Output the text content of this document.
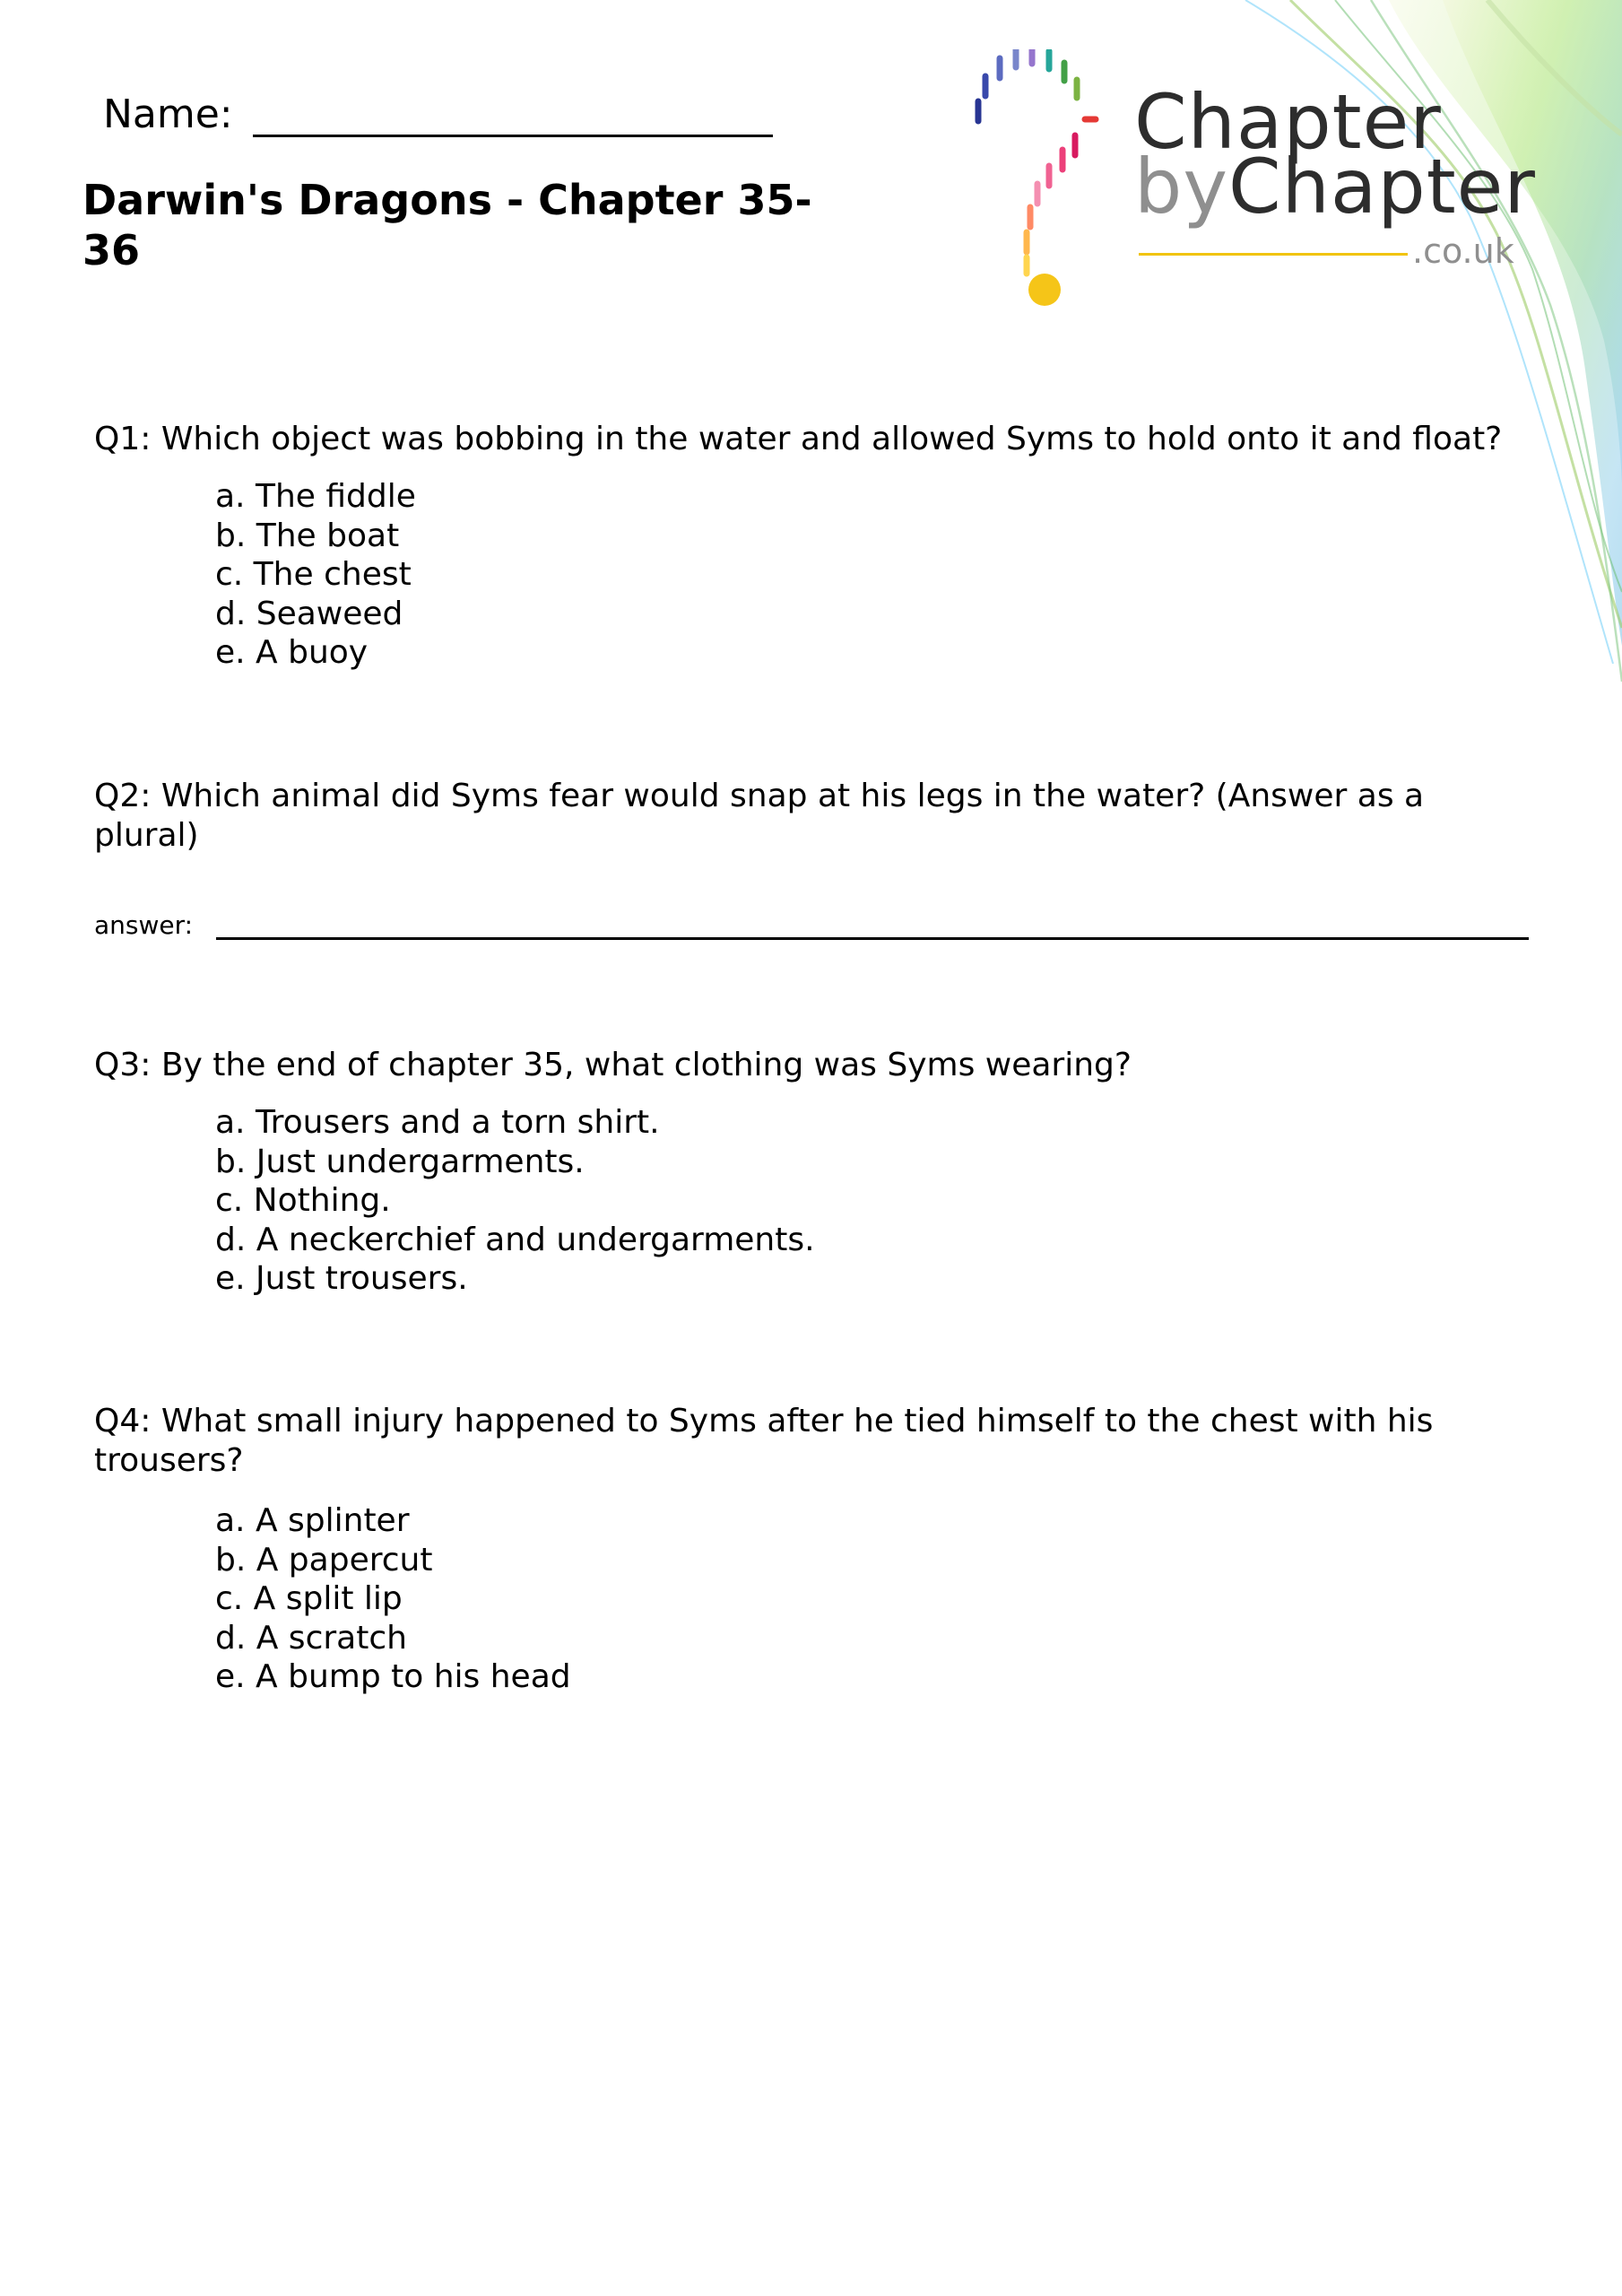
Name:
Darwin's Dragons - Chapter 35-36
Chapter
byChapter
.co.uk

Q1: Which object was bobbing in the water and allowed Syms to hold onto it and float?

a. The fiddle
b. The boat
c. The chest
d. Seaweed
e. A buoy

Q2: Which animal did Syms fear would snap at his legs in the water? (Answer as a plural)

answer:

Q3: By the end of chapter 35, what clothing was Syms wearing?

a. Trousers and a torn shirt.
b. Just undergarments.
c. Nothing.
d. A neckerchief and undergarments.
e. Just trousers.

Q4: What small injury happened to Syms after he tied himself to the chest with his trousers?

a. A splinter
b. A papercut
c. A split lip
d. A scratch
e. A bump to his head
